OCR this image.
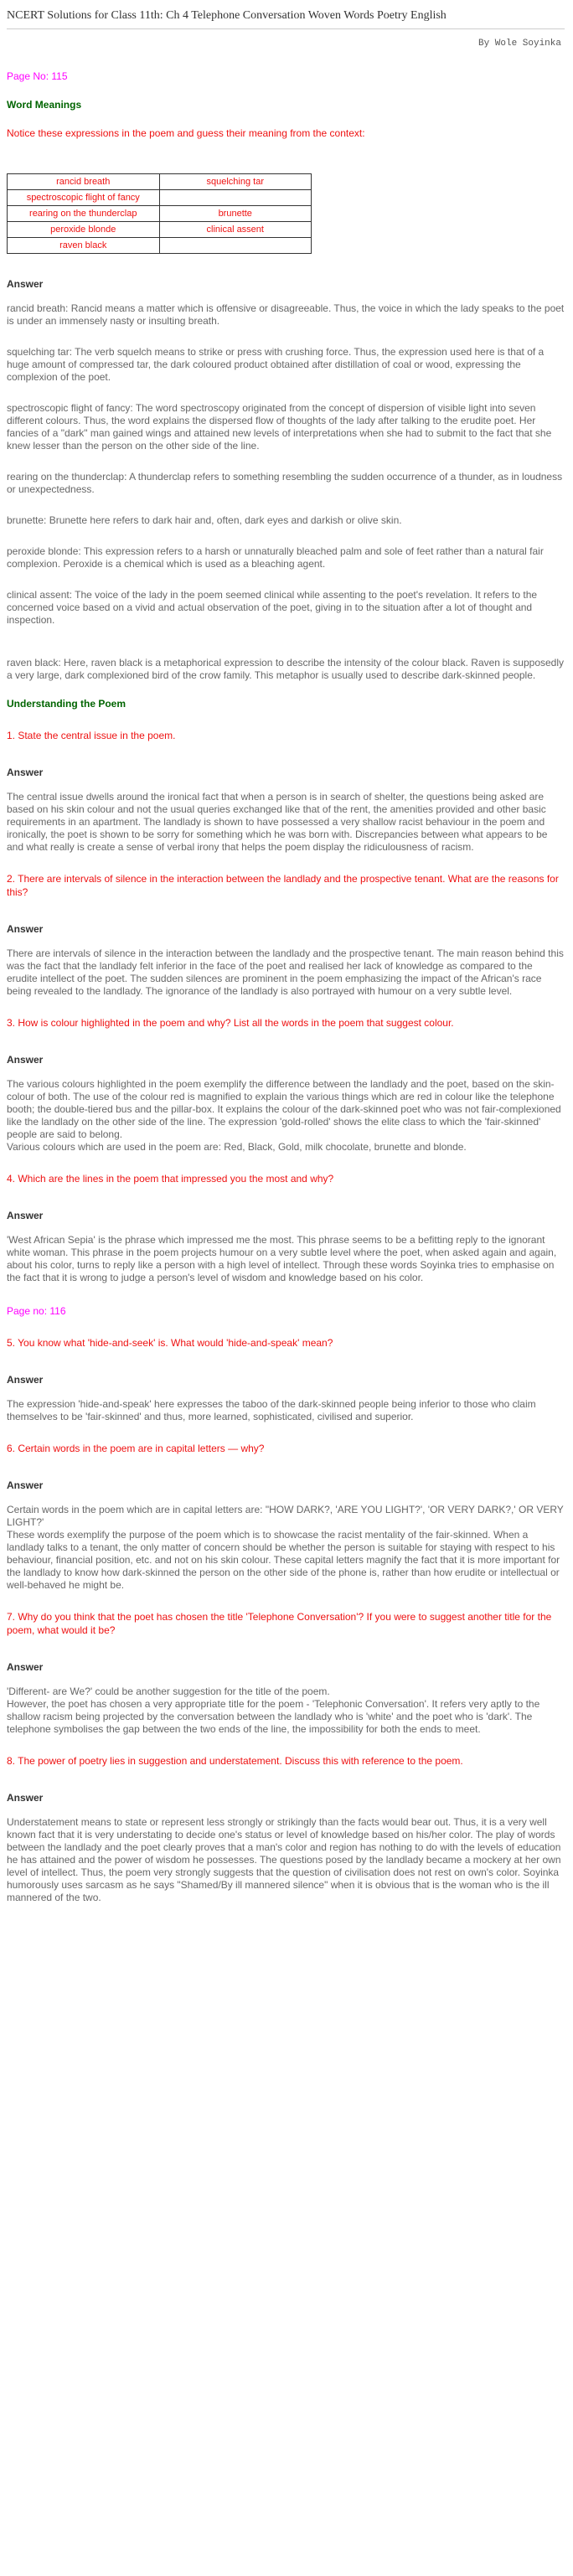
NCERT Solutions for Class 11th: Ch 4 Telephone Conversation Woven Words Poetry English
By Wole Soyinka
Page No: 115
Word Meanings
Notice these expressions in the poem and guess their meaning from the context:
rancid breath	squelching tar
spectroscopic flight of fancy	
rearing on the thunderclap	brunette
peroxide blonde	clinical assent
raven black	
Answer
rancid breath: Rancid means a matter which is offensive or disagreeable. Thus, the voice in which the lady speaks to the poet is under an immensely nasty or insulting breath.
squelching tar: The verb squelch means to strike or press with crushing force. Thus, the expression used here is that of a huge amount of compressed tar, the dark coloured product obtained after distillation of coal or wood, expressing the complexion of the poet.
spectroscopic flight of fancy: The word spectroscopy originated from the concept of dispersion of visible light into seven different colours. Thus, the word explains the dispersed flow of thoughts of the lady after talking to the erudite poet. Her fancies of a "dark" man gained wings and attained new levels of interpretations when she had to submit to the fact that she knew lesser than the person on the other side of the line.
rearing on the thunderclap: A thunderclap refers to something resembling the sudden occurrence of a thunder, as in loudness or unexpectedness.
brunette: Brunette here refers to dark hair and, often, dark eyes and darkish or olive skin.
peroxide blonde: This expression refers to a harsh or unnaturally bleached palm and sole of feet rather than a natural fair complexion. Peroxide is a chemical which is used as a bleaching agent.
clinical assent: The voice of the lady in the poem seemed clinical while assenting to the poet's revelation. It refers to the concerned voice based on a vivid and actual observation of the poet, giving in to the situation after a lot of thought and inspection.
raven black: Here, raven black is a metaphorical expression to describe the intensity of the colour black. Raven is supposedly a very large, dark complexioned bird of the crow family. This metaphor is usually used to describe dark-skinned people.
Understanding the Poem
1. State the central issue in the poem.
Answer
The central issue dwells around the ironical fact that when a person is in search of shelter, the questions being asked are based on his skin colour and not the usual queries exchanged like that of the rent, the amenities provided and other basic requirements in an apartment. The landlady is shown to have possessed a very shallow racist behaviour in the poem and ironically, the poet is shown to be sorry for something which he was born with. Discrepancies between what appears to be and what really is create a sense of verbal irony that helps the poem display the ridiculousness of racism.
2. There are intervals of silence in the interaction between the landlady and the prospective tenant. What are the reasons for this?
Answer
There are intervals of silence in the interaction between the landlady and the prospective tenant. The main reason behind this was the fact that the landlady felt inferior in the face of the poet and realised her lack of knowledge as compared to the erudite intellect of the poet. The sudden silences are prominent in the poem emphasizing the impact of the African's race being revealed to the landlady. The ignorance of the landlady is also portrayed with humour on a very subtle level.
3. How is colour highlighted in the poem and why? List all the words in the poem that suggest colour.
Answer
The various colours highlighted in the poem exemplify the difference between the landlady and the poet, based on the skin-colour of both. The use of the colour red is magnified to explain the various things which are red in colour like the telephone booth; the double-tiered bus and the pillar-box. It explains the colour of the dark-skinned poet who was not fair-complexioned like the landlady on the other side of the line. The expression 'gold-rolled' shows the elite class to which the 'fair-skinned' people are said to belong.
Various colours which are used in the poem are: Red, Black, Gold, milk chocolate, brunette and blonde.
4. Which are the lines in the poem that impressed you the most and why?
Answer
'West African Sepia' is the phrase which impressed me the most. This phrase seems to be a befitting reply to the ignorant white woman. This phrase in the poem projects humour on a very subtle level where the poet, when asked again and again, about his color, turns to reply like a person with a high level of intellect. Through these words Soyinka tries to emphasise on the fact that it is wrong to judge a person's level of wisdom and knowledge based on his color.
Page no: 116
5. You know what 'hide-and-seek' is. What would 'hide-and-speak' mean?
Answer
The expression 'hide-and-speak' here expresses the taboo of the dark-skinned people being inferior to those who claim themselves to be 'fair-skinned' and thus, more learned, sophisticated, civilised and superior.
6. Certain words in the poem are in capital letters — why?
Answer
Certain words in the poem which are in capital letters are: "HOW DARK?, 'ARE YOU LIGHT?', 'OR VERY DARK?,' OR VERY LIGHT?'
These words exemplify the purpose of the poem which is to showcase the racist mentality of the fair-skinned. When a landlady talks to a tenant, the only matter of concern should be whether the person is suitable for staying with respect to his behaviour, financial position, etc. and not on his skin colour. These capital letters magnify the fact that it is more important for the landlady to know how dark-skinned the person on the other side of the phone is, rather than how erudite or intellectual or well-behaved he might be.
7. Why do you think that the poet has chosen the title 'Telephone Conversation'? If you were to suggest another title for the poem, what would it be?
Answer
'Different- are We?' could be another suggestion for the title of the poem.
However, the poet has chosen a very appropriate title for the poem - 'Telephonic Conversation'. It refers very aptly to the shallow racism being projected by the conversation between the landlady who is 'white' and the poet who is 'dark'. The telephone symbolises the gap between the two ends of the line, the impossibility for both the ends to meet.
8. The power of poetry lies in suggestion and understatement. Discuss this with reference to the poem.
Answer
Understatement means to state or represent less strongly or strikingly than the facts would bear out. Thus, it is a very well known fact that it is very understating to decide one's status or level of knowledge based on his/her color. The play of words between the landlady and the poet clearly proves that a man's color and region has nothing to do with the levels of education he has attained and the power of wisdom he possesses. The questions posed by the landlady became a mockery at her own level of intellect. Thus, the poem very strongly suggests that the question of civilisation does not rest on own's color. Soyinka humorously uses sarcasm as he says "Shamed/By ill mannered silence" when it is obvious that is the woman who is the ill mannered of the two.
